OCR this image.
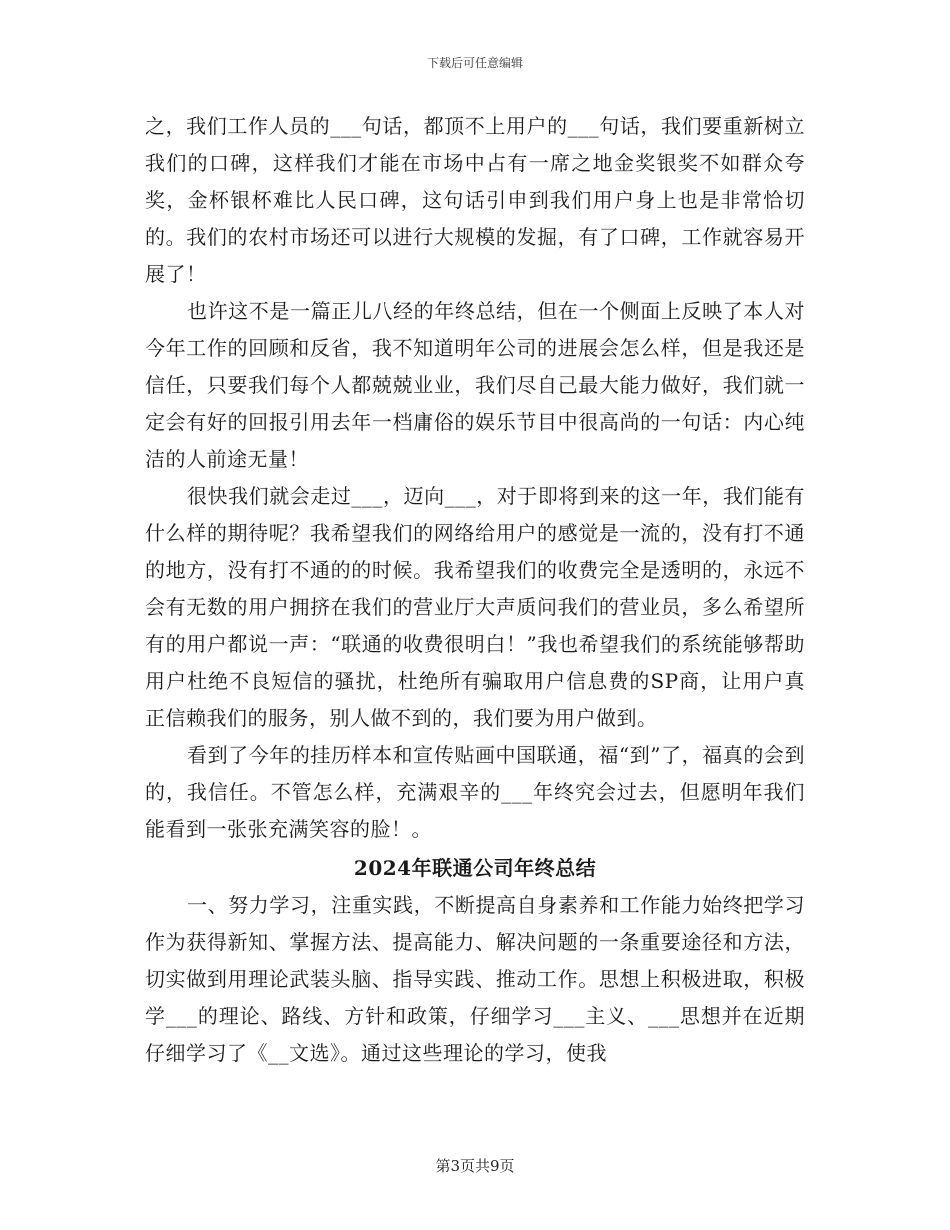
下载后可任意编辑

之，我们工作人员的___句话，都顶不上用户的___句话，我们要重新树立我们的口碑，这样我们才能在市场中占有一席之地金奖银奖不如群众夸奖，金杯银杯难比人民口碑，这句话引申到我们用户身上也是非常恰切的。我们的农村市场还可以进行大规模的发掘，有了口碑，工作就容易开展了！

也许这不是一篇正儿八经的年终总结，但在一个侧面上反映了本人对今年工作的回顾和反省，我不知道明年公司的进展会怎么样，但是我还是信任，只要我们每个人都兢兢业业，我们尽自己最大能力做好，我们就一定会有好的回报引用去年一档庸俗的娱乐节目中很高尚的一句话：内心纯洁的人前途无量！

很快我们就会走过___，迈向___，对于即将到来的这一年，我们能有什么样的期待呢？我希望我们的网络给用户的感觉是一流的，没有打不通的地方，没有打不通的的时候。我希望我们的收费完全是透明的，永远不会有无数的用户拥挤在我们的营业厅大声质问我们的营业员，多么希望所有的用户都说一声：“联通的收费很明白！”我也希望我们的系统能够帮助用户杜绝不良短信的骚扰，杜绝所有骗取用户信息费的SP商，让用户真正信赖我们的服务，别人做不到的，我们要为用户做到。

看到了今年的挂历样本和宣传贴画中国联通，福“到”了，福真的会到的，我信任。不管怎么样，充满艰辛的___年终究会过去，但愿明年我们能看到一张张充满笑容的脸！。

2024年联通公司年终总结

一、努力学习，注重实践，不断提高自身素养和工作能力始终把学习作为获得新知、掌握方法、提高能力、解决问题的一条重要途径和方法，切实做到用理论武装头脑、指导实践、推动工作。思想上积极进取，积极学___的理论、路线、方针和政策，仔细学习___主义、___思想并在近期仔细学习了《__文选》。通过这些理论的学习，使我

第3页共9页
